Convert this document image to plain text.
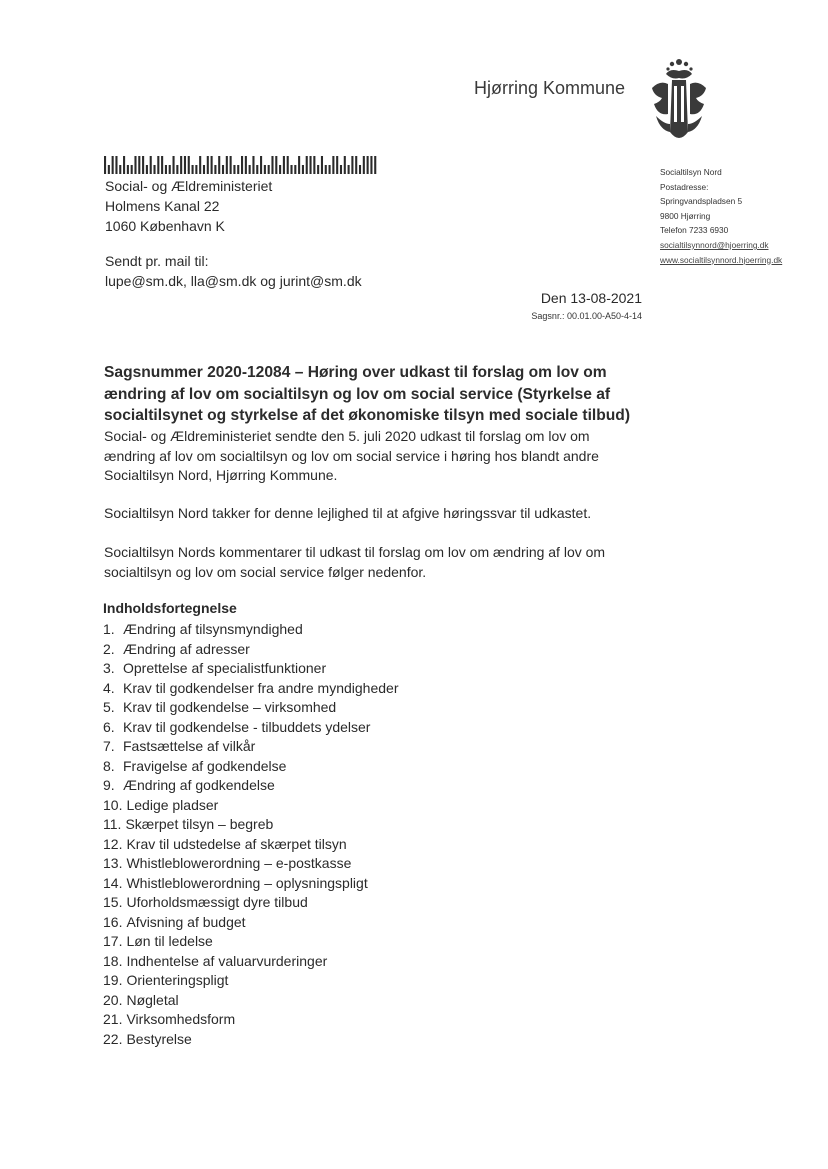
Hjørring Kommune
Socialtilsyn Nord
Postadresse:
Springvandspladsen 5
9800 Hjørring
Telefon 7233 6930
socialtilsynnord@hjoerring.dk
www.socialtilsynnord.hjoerring.dk
Social- og Ældreministeriet
Holmens Kanal 22
1060 København K
Sendt pr. mail til:
lupe@sm.dk, lla@sm.dk og jurint@sm.dk
Den 13-08-2021
Sagsnr.: 00.01.00-A50-4-14
Sagsnummer 2020-12084 – Høring over udkast til forslag om lov om
ændring af lov om socialtilsyn og lov om social service (Styrkelse af
socialtilsynet og styrkelse af det økonomiske tilsyn med sociale tilbud)
Social- og Ældreministeriet sendte den 5. juli 2020 udkast til forslag om lov om
ændring af lov om socialtilsyn og lov om social service i høring hos blandt andre
Socialtilsyn Nord, Hjørring Kommune.
Socialtilsyn Nord takker for denne lejlighed til at afgive høringssvar til udkastet.
Socialtilsyn Nords kommentarer til udkast til forslag om lov om ændring af lov om
socialtilsyn og lov om social service følger nedenfor.
Indholdsfortegnelse
1. Ændring af tilsynsmyndighed
2. Ændring af adresser
3. Oprettelse af specialistfunktioner
4. Krav til godkendelser fra andre myndigheder
5. Krav til godkendelse – virksomhed
6. Krav til godkendelse - tilbuddets ydelser
7. Fastsættelse af vilkår
8. Fravigelse af godkendelse
9. Ændring af godkendelse
10. Ledige pladser
11. Skærpet tilsyn – begreb
12. Krav til udstedelse af skærpet tilsyn
13. Whistleblowerordning – e-postkasse
14. Whistleblowerordning – oplysningspligt
15. Uforholdsmæssigt dyre tilbud
16. Afvisning af budget
17. Løn til ledelse
18. Indhentelse af valuarvurderinger
19. Orienteringspligt
20. Nøgletal
21. Virksomhedsform
22. Bestyrelse
